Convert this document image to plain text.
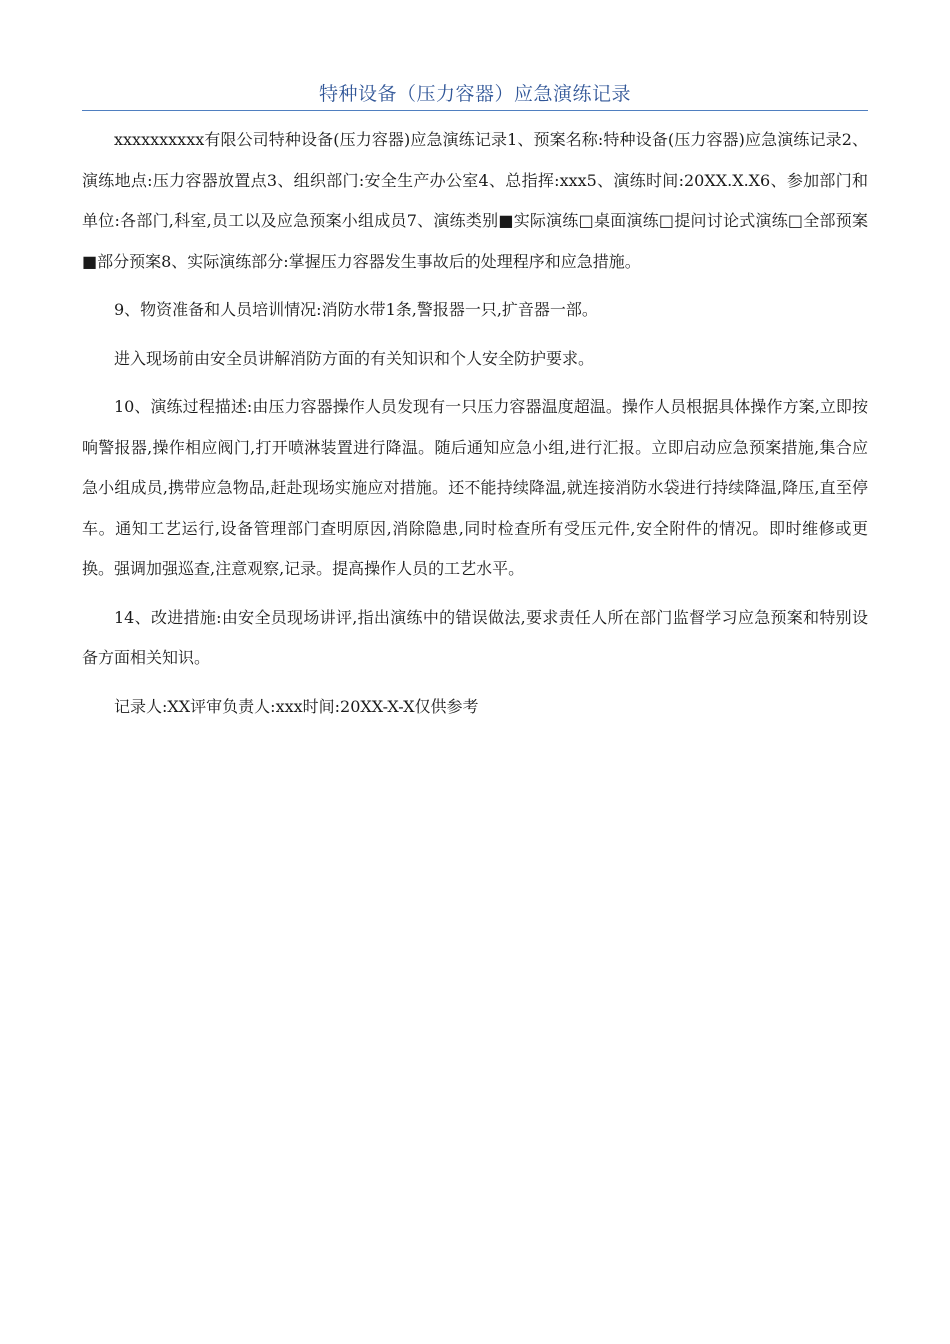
特种设备（压力容器）应急演练记录

xxxxxxxxxx有限公司特种设备(压力容器)应急演练记录1、预案名称:特种设备(压力容器)应急演练记录2、演练地点:压力容器放置点3、组织部门:安全生产办公室4、总指挥:xxx5、演练时间:20XX.X.X6、参加部门和单位:各部门,科室,员工以及应急预案小组成员7、演练类别■实际演练□桌面演练□提问讨论式演练□全部预案■部分预案8、实际演练部分:掌握压力容器发生事故后的处理程序和应急措施。

9、物资准备和人员培训情况:消防水带1条,警报器一只,扩音器一部。

进入现场前由安全员讲解消防方面的有关知识和个人安全防护要求。

10、演练过程描述:由压力容器操作人员发现有一只压力容器温度超温。操作人员根据具体操作方案,立即按响警报器,操作相应阀门,打开喷淋装置进行降温。随后通知应急小组,进行汇报。立即启动应急预案措施,集合应急小组成员,携带应急物品,赶赴现场实施应对措施。还不能持续降温,就连接消防水袋进行持续降温,降压,直至停车。通知工艺运行,设备管理部门查明原因,消除隐患,同时检查所有受压元件,安全附件的情况。即时维修或更换。强调加强巡查,注意观察,记录。提高操作人员的工艺水平。

14、改进措施:由安全员现场讲评,指出演练中的错误做法,要求责任人所在部门监督学习应急预案和特别设备方面相关知识。

记录人:XX评审负责人:xxx时间:20XX-X-X仅供参考
